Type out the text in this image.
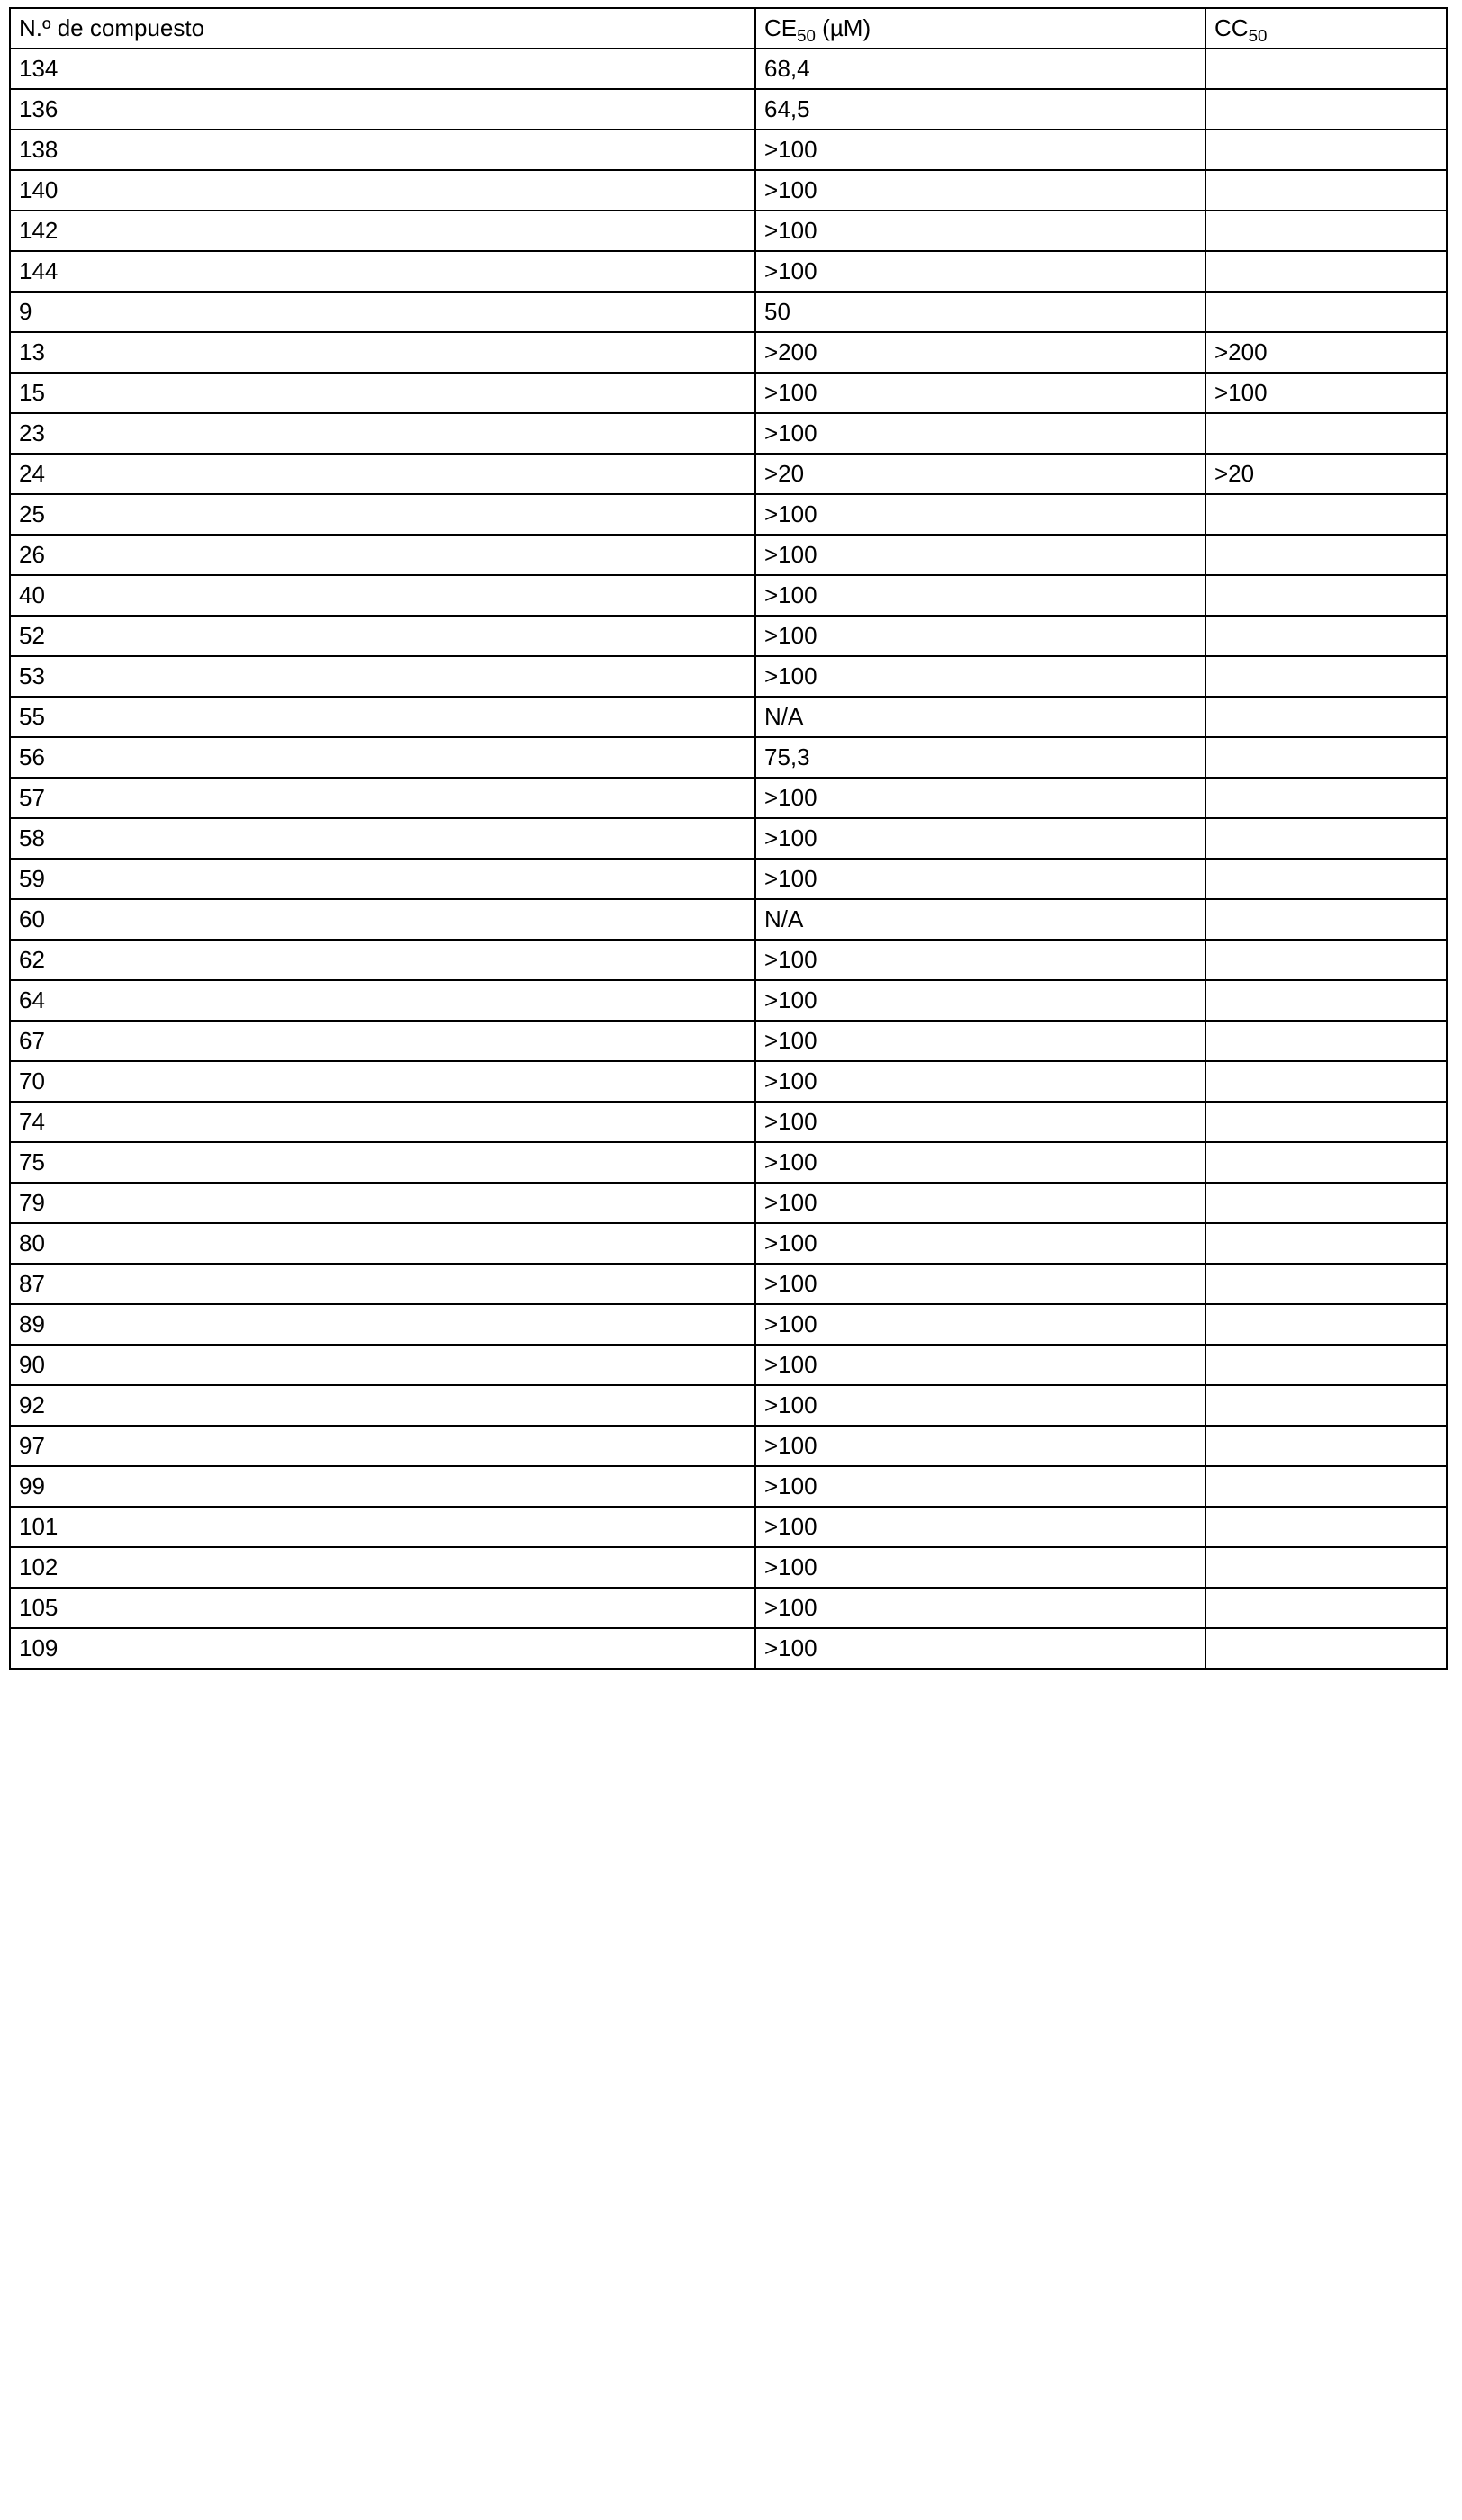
N.º de compuesto	$CE_{50}$ (µM)	$CC_{50}$
134	68,4	
136	64,5	
138	>100	
140	>100	
142	>100	
144	>100	
9	50	
13	>200	>200
15	>100	>100
23	>100	
24	>20	>20
25	>100	
26	>100	
40	>100	
52	>100	
53	>100	
55	N/A	
56	75,3	
57	>100	
58	>100	
59	>100	
60	N/A	
62	>100	
64	>100	
67	>100	
70	>100	
74	>100	
75	>100	
79	>100	
80	>100	
87	>100	
89	>100	
90	>100	
92	>100	
97	>100	
99	>100	
101	>100	
102	>100	
105	>100	
109	>100	
